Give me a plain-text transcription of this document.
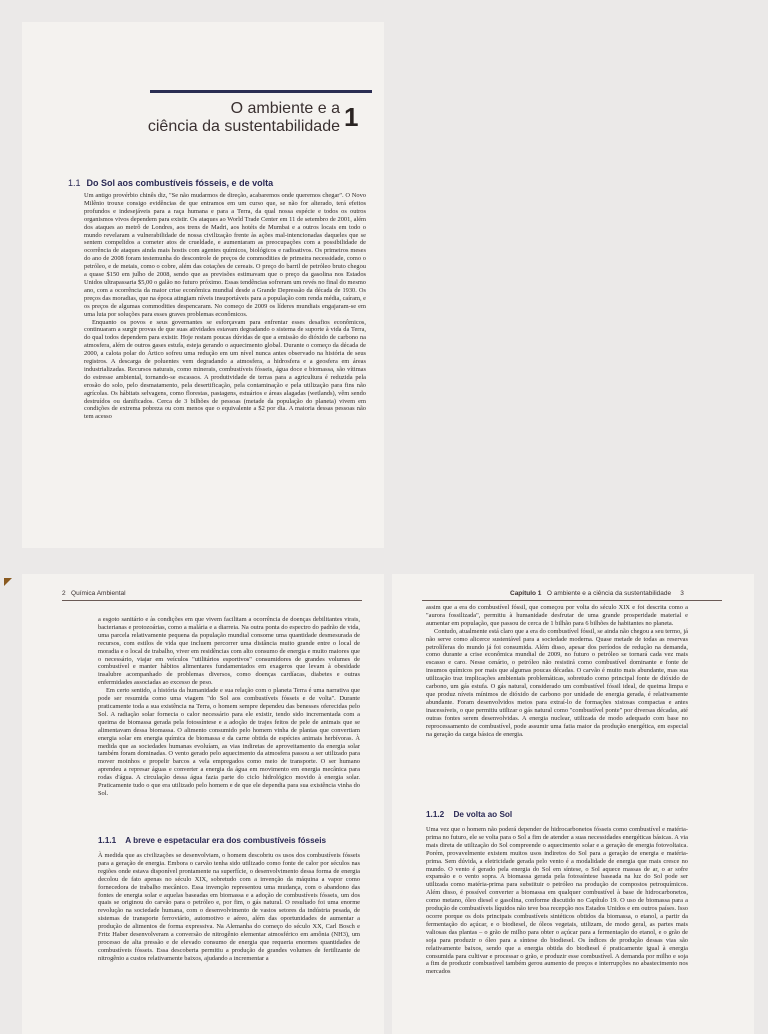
O ambiente e a
ciência da sustentabilidade 1
1.1 Do Sol aos combustíveis fósseis, e de volta

Um antigo provérbio chinês diz, "Se não mudarmos de direção, acabaremos onde queremos chegar". O Novo Milênio trouxe consigo evidências de que entramos em um curso que, se não for alterado, terá efeitos profundos e indesejáveis para a raça humana e para a Terra, da qual nossa espécie e todos os outros organismos vivos dependem para existir. Os ataques ao World Trade Center em 11 de setembro de 2001, além dos ataques ao metrô de Londres, aos trens de Madri, aos hotéis de Mumbai e a outros locais em todo o mundo revelaram a vulnerabilidade de nossa civilização frente às ações mal-intencionadas daqueles que se sentem compelidos a cometer atos de crueldade, e aumentaram as preocupações com a possibilidade de ocorrência de ataques ainda mais hostis com agentes químicos, biológicos e radioativos. Os primeiros meses do ano de 2008 foram testemunha do descontrole de preços de commodities de primeira necessidade, como o petróleo, e de metais, como o cobre, além das cotações de cereais. O preço do barril de petróleo bruto chegou a quase $150 em julho de 2008, sendo que as previsões estimavam que o preço da gasolina nos Estados Unidos ultrapassaria $5,00 o galão no futuro próximo. Essas tendências sofreram um revés no final do mesmo ano, com a ocorrência da maior crise econômica mundial desde a Grande Depressão da década de 1930. Os preços das moradias, que na época atingiam níveis insuportáveis para a população com renda média, caíram, e os preços de algumas commodities despencaram. No começo de 2009 os líderes mundiais engajaram-se em uma luta por soluções para esses graves problemas econômicos.

Enquanto os povos e seus governantes se esforçavam para enfrentar esses desafios econômicos, continuaram a surgir provas de que suas atividades estavam degradando o sistema de suporte à vida da Terra, do qual todos dependem para existir. Hoje restam poucas dúvidas de que a emissão do dióxido de carbono na atmosfera, além de outros gases estufa, esteja gerando o aquecimento global. Durante o começo da década de 2000, a calota polar do Ártico sofreu uma redução em um nível nunca antes observado na história de seus registros. A descarga de poluentes vem degradando a atmosfera, a hidrosfera e a geosfera em áreas industrializadas. Recursos naturais, como minerais, combustíveis fósseis, água doce e biomassa, são vítimas do estresse ambiental, tornando-se escassos. A produtividade de terras para a agricultura é reduzida pela erosão do solo, pelo desmatamento, pela desertificação, pela contaminação e pela utilização para fins não agrícolas. Os hábitats selvagens, como florestas, pastagens, estuários e áreas alagadas (wetlands), vêm sendo destruídos ou danificados. Cerca de 3 bilhões de pessoas (metade da população do planeta) vivem em condições de extrema pobreza ou com menos que o equivalente a $2 por dia. A maioria dessas pessoas não tem acesso

2 Química Ambiental

a esgoto sanitário e às condições em que vivem facilitam a ocorrência de doenças debilitantes virais, bacterianas e protozoárias, como a malária e a diarreia. Na outra ponta do espectro do padrão de vida, uma parcela relativamente pequena da população mundial consome uma quantidade desmesurada de recursos, com estilos de vida que incluem percorrer uma distância muito grande entre o local de moradia e o local de trabalho, viver em residências com alto consumo de energia e muito maiores que o necessário, viajar em veículos "utilitários esportivos" consumidores de grandes volumes de combustível e manter hábitos alimentares fundamentados em exageros que levam à obesidade insalubre acompanhado de problemas diversos, como doenças cardíacas, diabetes e outras enfermidades associadas ao excesso de peso.

Em certo sentido, a história da humanidade e sua relação com o planeta Terra é uma narrativa que pode ser resumida como uma viagem "do Sol aos combustíveis fósseis e de volta". Durante praticamente toda a sua existência na Terra, o homem sempre dependeu das benesses oferecidas pelo Sol. A radiação solar fornecia o calor necessário para ele existir, tendo sido incrementada com a queima de biomassa gerada pela fotossíntese e a adoção de trajes feitos de pele de animais que se alimentavam dessa biomassa. O alimento consumido pelo homem vinha de plantas que convertiam energia solar em energia química de biomassa e da carne obtida de espécies animais herbívoras. À medida que as sociedades humanas evoluíam, as vias indiretas de aproveitamento da energia solar também foram dominadas. O vento gerado pelo aquecimento da atmosfera passou a ser utilizado para mover moinhos e propelir barcos a vela empregados como meio de transporte. O ser humano aprendeu a represar águas e converter a energia da água em movimento em energia mecânica para rodas d'água. A circulação dessa água fazia parte do ciclo hidrológico movido à energia solar. Praticamente tudo o que era utilizado pelo homem e de que ele dependia para sua existência vinha do Sol.

1.1.1 A breve e espetacular era dos combustíveis fósseis

À medida que as civilizações se desenvolviam, o homem descobriu os usos dos combustíveis fósseis para a geração de energia. Embora o carvão tenha sido utilizado como fonte de calor por séculos nas regiões onde estava disponível prontamente na superfície, o desenvolvimento dessa forma de energia decolou de fato apenas no século XIX, sobretudo com a invenção da máquina a vapor como fornecedora de trabalho mecânico. Essa invenção representou uma mudança, com o abandono das fontes de energia solar e aquelas baseadas em biomassa e a adoção de combustíveis fósseis, um dos quais se originou do carvão para o petróleo e, por fim, o gás natural. O resultado foi uma enorme revolução na sociedade humana, com o desenvolvimento de vastos setores da indústria pesada, de sistemas de transporte ferroviário, automotivo e aéreo, além das oportunidades de aumentar a produção de alimentos de forma expressiva. Na Alemanha do começo do século XX, Carl Bosch e Fritz Haber desenvolveram a conversão de nitrogênio elementar atmosférico em amônia (NH3), um processo de alta pressão e de elevado consumo de energia que requeria enormes quantidades de combustíveis fósseis. Essa descoberta permitiu a produção de grandes volumes de fertilizante de nitrogênio a custos relativamente baixos, ajudando a incrementar a

Capítulo 1 O ambiente e a ciência da sustentabilidade 3

assim que a era do combustível fóssil, que começou por volta do século XIX e foi descrita como a "aurora fossilizada", permitiu à humanidade desfrutar de uma grande prosperidade material e aumentar em população, que passou de cerca de 1 bilhão para 6 bilhões de habitantes no planeta.

Contudo, atualmente está claro que a era do combustível fóssil, se ainda não chegou a seu termo, já não serve como alicerce sustentável para a sociedade moderna. Quase metade de todas as reservas petrolíferas do mundo já foi consumida. Além disso, apesar dos períodos de redução na demanda, como durante a crise econômica mundial de 2009, no futuro o petróleo se tornará cada vez mais escasso e caro. Nesse cenário, o petróleo não resistirá como combustível dominante e fonte de insumos químicos por mais que algumas poucas décadas. O carvão é muito mais abundante, mas sua utilização traz implicações ambientais problemáticas, sobretudo como principal fonte de dióxido de carbono, um gás estufa. O gás natural, considerado um combustível fóssil ideal, de queima limpa e que produz níveis mínimos de dióxido de carbono por unidade de energia gerada, é relativamente abundante. Foram desenvolvidos meios para extraí-lo de formações xistosas compactas e antes inacessíveis, o que permitiu utilizar o gás natural como "combustível ponte" por diversas décadas, até outras fontes serem desenvolvidas. A energia nuclear, utilizada de modo adequado com base no reprocessamento de combustível, pode assumir uma fatia maior da produção energética, em especial na geração da carga básica de energia.

1.1.2 De volta ao Sol

Uma vez que o homem não poderá depender de hidrocarbonetos fósseis como combustível e matéria-prima no futuro, ele se volta para o Sol a fim de atender a suas necessidades energéticas básicas. A via mais direta de utilização do Sol compreende o aquecimento solar e a geração de energia fotovoltaica. Porém, provavelmente existem muitos usos indiretos do Sol para a geração de energia e matéria-prima. Sem dúvida, a eletricidade gerada pelo vento é a modalidade de energia que mais cresce no mundo. O vento é gerado pela energia do Sol em síntese, o Sol aquece massas de ar, o ar sofre expansão e o vento sopra. A biomassa gerada pela fotossíntese baseada na luz do Sol pode ser utilizada como matéria-prima para substituir o petróleo na produção de compostos petroquímicos. Além disso, é possível converter a biomassa em qualquer combustível à base de hidrocarbonetos, como metano, óleo diesel e gasolina, conforme discutido no Capítulo 19. O uso de biomassa para a produção de combustíveis líquidos não teve boa recepção nos Estados Unidos e em outros países. Isso ocorre porque os dois principais combustíveis sintéticos obtidos da biomassa, o etanol, a partir da fermentação do açúcar, e o biodiesel, de óleos vegetais, utilizam, de modo geral, as partes mais valiosas das plantas – o grão de milho para obter o açúcar para a fermentação do etanol, e o grão de soja para produzir o óleo para a síntese do biodiesel. Os índices de produção dessas vias são relativamente baixos, sendo que a energia obtida do biodiesel é praticamente igual à energia consumida para cultivar e processar o grão, e produzir esse combustível. A demanda por milho e soja a fim de produzir combustível também gerou aumento de preços e interrupções no abastecimento nos mercados
